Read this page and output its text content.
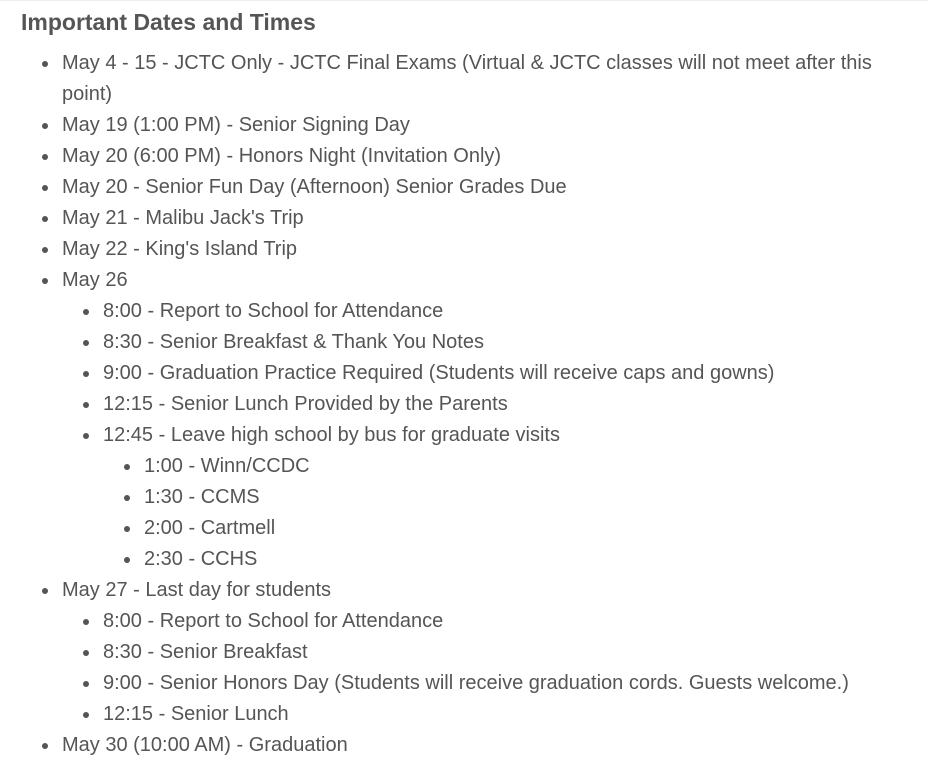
Important Dates and Times
May 4 - 15 - JCTC Only - JCTC Final Exams (Virtual & JCTC classes will not meet after this point)
May 19 (1:00 PM) - Senior Signing Day
May 20 (6:00 PM) - Honors Night (Invitation Only)
May 20 - Senior Fun Day (Afternoon) Senior Grades Due
May 21 - Malibu Jack's Trip
May 22 - King's Island Trip
May 26
8:00 - Report to School for Attendance
8:30 - Senior Breakfast & Thank You Notes
9:00 - Graduation Practice Required (Students will receive caps and gowns)
12:15 - Senior Lunch Provided by the Parents
12:45 - Leave high school by bus for graduate visits
1:00 - Winn/CCDC
1:30 - CCMS
2:00 - Cartmell
2:30 - CCHS
May 27 - Last day for students
8:00 - Report to School for Attendance
8:30 - Senior Breakfast
9:00 - Senior Honors Day (Students will receive graduation cords. Guests welcome.)
12:15 - Senior Lunch
May 30 (10:00 AM) - Graduation
